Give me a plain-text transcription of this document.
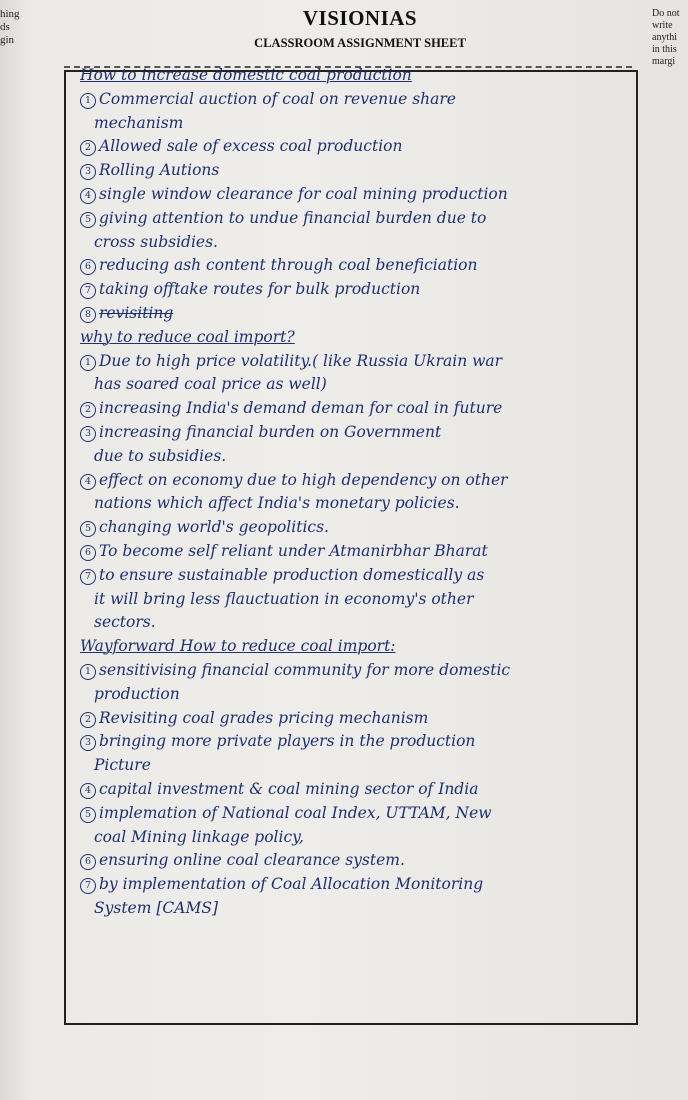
hing
ds
gin
VISIONIAS
CLASSROOM ASSIGNMENT SHEET
Do not
write
anythi
in this
margi
How to increase domestic coal production
1 Commercial auction of coal on revenue share
mechanism
2 Allowed sale of excess coal production
3 Rolling Autions
4 single window clearance for coal mining production
5 giving attention to undue financial burden due to
cross subsidies.
6 reducing ash content through coal beneficiation
7 taking offtake routes for bulk production
8 revisiting
why to reduce coal import?
1 Due to high price volatility.( like Russia Ukrain war
has soared coal price as well)
2 increasing India's demand deman for coal in future
3 increasing financial burden on Government
due to subsidies.
4 effect on economy due to high dependency on other
nations which affect India's monetary policies.
5 changing world's geopolitics.
6 To become self reliant under Atmanirbhar Bharat
7 to ensure sustainable production domestically as
it will bring less flauctuation in economy's other
sectors.
Wayforward How to reduce coal import:
1 sensitivising financial community for more domestic
production
2 Revisiting coal grades pricing mechanism
3 bringing more private players in the production
Picture
4 capital investment & coal mining sector of India
5 implemation of National coal Index, UTTAM, New
coal Mining linkage policy,
6 ensuring online coal clearance system.
7 by implementation of Coal Allocation Monitoring
System [CAMS]
